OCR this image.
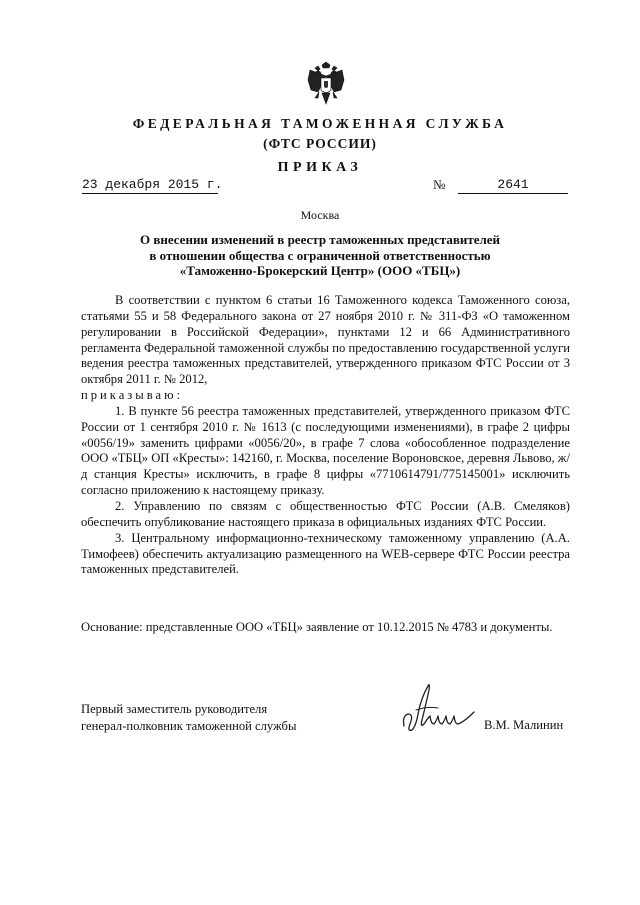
ФЕДЕРАЛЬНАЯ ТАМОЖЕННАЯ СЛУЖБА
(ФТС РОССИИ)
ПРИКАЗ
23 декабря 2015 г.	№	2641
Москва
О внесении изменений в реестр таможенных представителей
в отношении общества с ограниченной ответственностью
«Таможенно-Брокерский Центр» (ООО «ТБЦ»)

В соответствии с пунктом 6 статьи 16 Таможенного кодекса Таможенного союза, статьями 55 и 58 Федерального закона от 27 ноября 2010 г. № 311-ФЗ «О таможенном регулировании в Российской Федерации», пунктами 12 и 66 Административного регламента Федеральной таможенной службы по предоставлению государственной услуги ведения реестра таможенных представителей, утвержденного приказом ФТС России от 3 октября 2011 г. № 2012,

приказываю:

1. В пункте 56 реестра таможенных представителей, утвержденного приказом ФТС России от 1 сентября 2010 г. № 1613 (с последующими изменениями), в графе 2 цифры «0056/19» заменить цифрами «0056/20», в графе 7 слова «обособленное подразделение ООО «ТБЦ» ОП «Кресты»: 142160, г. Москва, поселение Вороновское, деревня Львово, ж/д станция Кресты» исключить, в графе 8 цифры «7710614791/775145001» исключить согласно приложению к настоящему приказу.

2. Управлению по связям с общественностью ФТС России (А.В. Смеляков) обеспечить опубликование настоящего приказа в официальных изданиях ФТС России.

3. Центральному информационно-техническому таможенному управлению (А.А. Тимофеев) обеспечить актуализацию размещенного на WEB-сервере ФТС России реестра таможенных представителей.

Основание: представленные ООО «ТБЦ» заявление от 10.12.2015 № 4783 и документы.
Первый заместитель руководителя
генерал-полковник таможенной службы	В.М. Малинин
